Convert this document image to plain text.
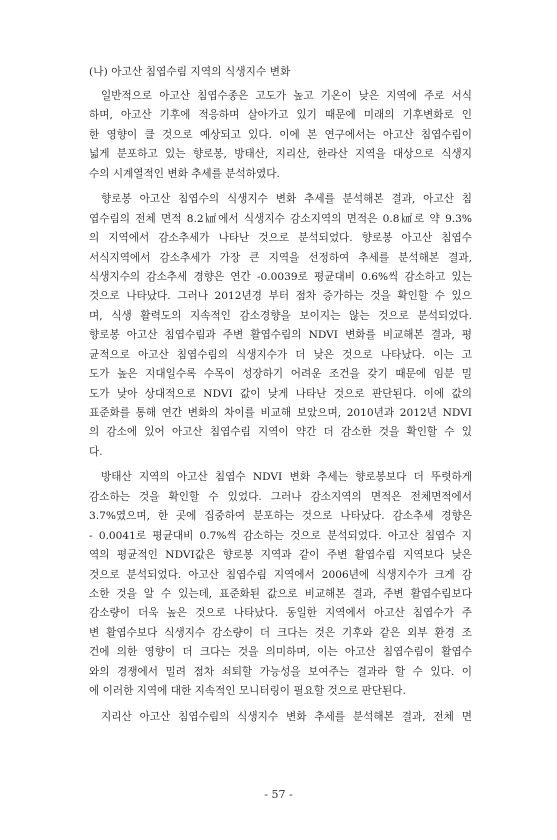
(나) 아고산 침엽수림 지역의 식생지수 변화
일반적으로 아고산 침엽수종은 고도가 높고 기온이 낮은 지역에 주로 서식
하며, 아고산 기후에 적응하며 살아가고 있기 때문에 미래의 기후변화로 인
한 영향이 클 것으로 예상되고 있다. 이에 본 연구에서는 아고산 침엽수림이
넓게 분포하고 있는 향로봉, 방태산, 지리산, 한라산 지역을 대상으로 식생지
수의 시계열적인 변화 추세를 분석하였다.
향로봉 아고산 침엽수의 식생지수 변화 추세를 분석해본 결과, 아고산 침
엽수림의 전체 면적 8.2㎢에서 식생지수 감소지역의 면적은 0.8㎢로 약 9.3%
의 지역에서 감소추세가 나타난 것으로 분석되었다. 향로봉 아고산 침엽수
서식지역에서 감소추세가 가장 큰 지역을 선정하여 추세를 분석해본 결과,
식생지수의 감소추세 경향은 연간 -0.0039로 평균대비 0.6%씩 감소하고 있는
것으로 나타났다. 그러나 2012년경 부터 점차 증가하는 것을 확인할 수 있으
며, 식생 활력도의 지속적인 감소경향을 보이지는 않는 것으로 분석되었다.
향로봉 아고산 침엽수림과 주변 활엽수림의 NDVI 변화를 비교해본 결과, 평
균적으로 아고산 침엽수림의 식생지수가 더 낮은 것으로 나타났다. 이는 고
도가 높은 지대일수록 수목이 성장하기 어려운 조건을 갖기 때문에 임분 밀
도가 낮아 상대적으로 NDVI 값이 낮게 나타난 것으로 판단된다. 이에 값의
표준화를 통해 연간 변화의 차이를 비교해 보았으며, 2010년과 2012년 NDVI
의 감소에 있어 아고산 침엽수림 지역이 약간 더 감소한 것을 확인할 수 있
다.
방태산 지역의 아고산 침엽수 NDVI 변화 추세는 향로봉보다 더 뚜렷하게
감소하는 것을 확인할 수 있었다. 그러나 감소지역의 면적은 전체면적에서
3.7%였으며, 한 곳에 집중하여 분포하는 것으로 나타났다. 감소추세 경향은
- 0.0041로 평균대비 0.7%씩 감소하는 것으로 분석되었다. 아고산 침엽수 지
역의 평균적인 NDVI값은 향로봉 지역과 같이 주변 활엽수림 지역보다 낮은
것으로 분석되었다. 아고산 침엽수림 지역에서 2006년에 식생지수가 크게 감
소한 것을 알 수 있는데, 표준화된 값으로 비교해본 결과, 주변 활엽수림보다
감소량이 더욱 높은 것으로 나타났다. 동일한 지역에서 아고산 침엽수가 주
변 활엽수보다 식생지수 감소량이 더 크다는 것은 기후와 같은 외부 환경 조
건에 의한 영향이 더 크다는 것을 의미하며, 이는 아고산 침엽수림이 활엽수
와의 경쟁에서 밀려 점차 쇠퇴할 가능성을 보여주는 결과라 할 수 있다. 이
에 이러한 지역에 대한 지속적인 모니터링이 필요할 것으로 판단된다.
지리산 아고산 침엽수림의 식생지수 변화 추세를 분석해본 결과, 전체 면
- 57 -
